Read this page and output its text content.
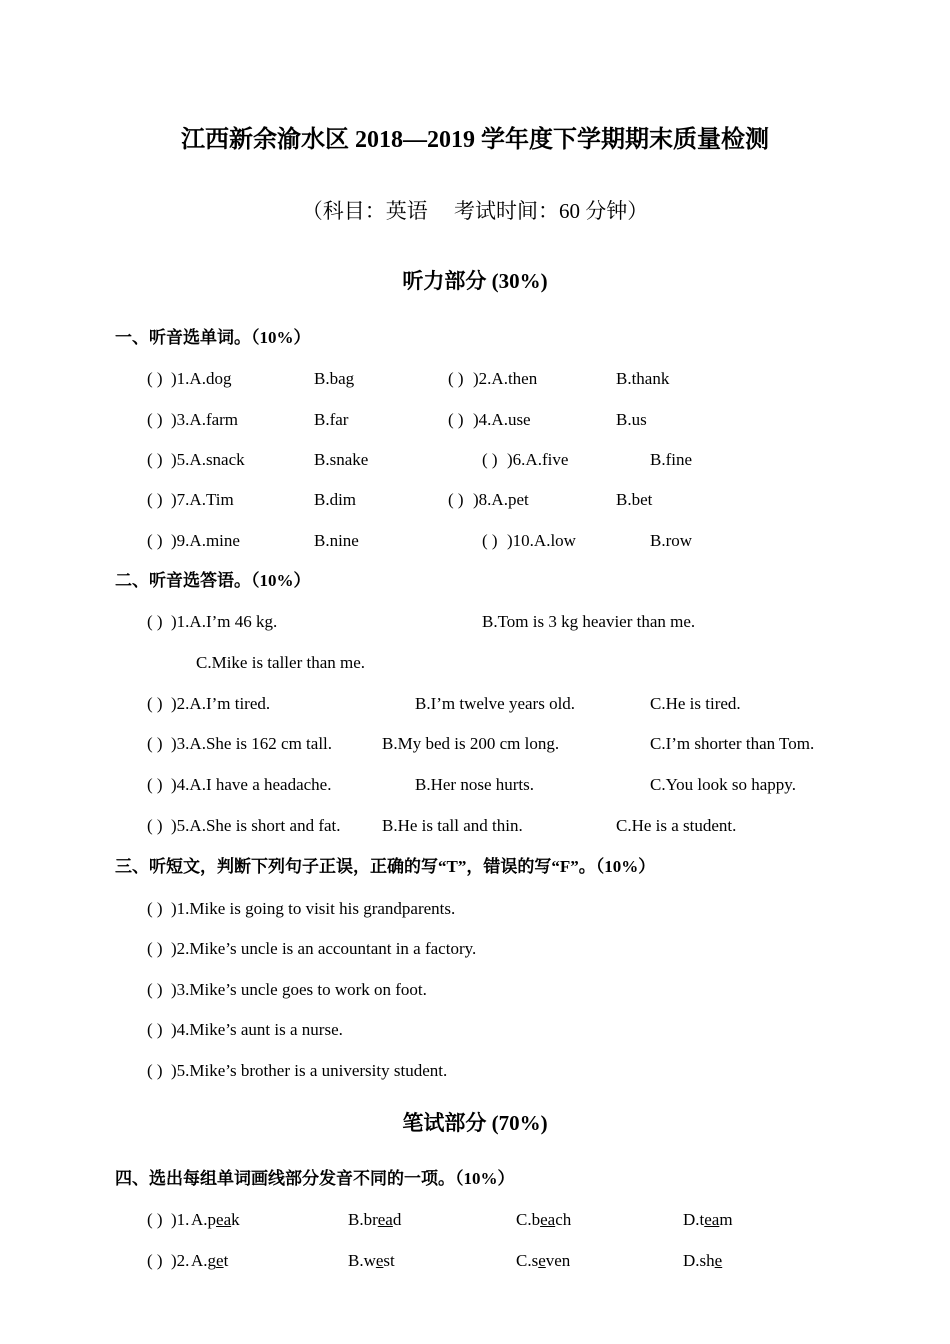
江西新余渝水区 2018—2019 学年度下学期期末质量检测
（科目：英语　 考试时间：60 分钟）
听力部分 (30%)
一、听音选单词。（10%）
( ) )1.A.dog	B.bag	( ) )2.A.then	B.thank
( ) )3.A.farm	B.far	( ) )4.A.use	B.us
( ) )5.A.snack	B.snake	( ) )6.A.five	B.fine
( ) )7.A.Tim	B.dim	( ) )8.A.pet	B.bet
( ) )9.A.mine	B.nine	( ) )10.A.low	B.row
二、听音选答语。（10%）
( ) )1.A.I’m 46 kg.	B.Tom is 3 kg heavier than me.
C.Mike is taller than me.
( ) )2.A.I’m tired.	B.I’m twelve years old.	C.He is tired.
( ) )3.A.She is 162 cm tall.	B.My bed is 200 cm long.	C.I’m shorter than Tom.
( ) )4.A.I have a headache.	B.Her nose hurts.	C.You look so happy.
( ) )5.A.She is short and fat. B.He is tall and thin.	C.He is a student.
三、听短文，判断下列句子正误，正确的写“T”，错误的写“F”。（10%）
( ) )1.Mike is going to visit his grandparents.
( ) )2.Mike’s uncle is an accountant in a factory.
( ) )3.Mike’s uncle goes to work on foot.
( ) )4.Mike’s aunt is a nurse.
( ) )5.Mike’s brother is a university student.
笔试部分 (70%)
四、选出每组单词画线部分发音不同的一项。（10%）
( ) )1. A.peak	B.bread	C.beach	D.team
( ) )2. A.get	B.west	C.seven	D.she
